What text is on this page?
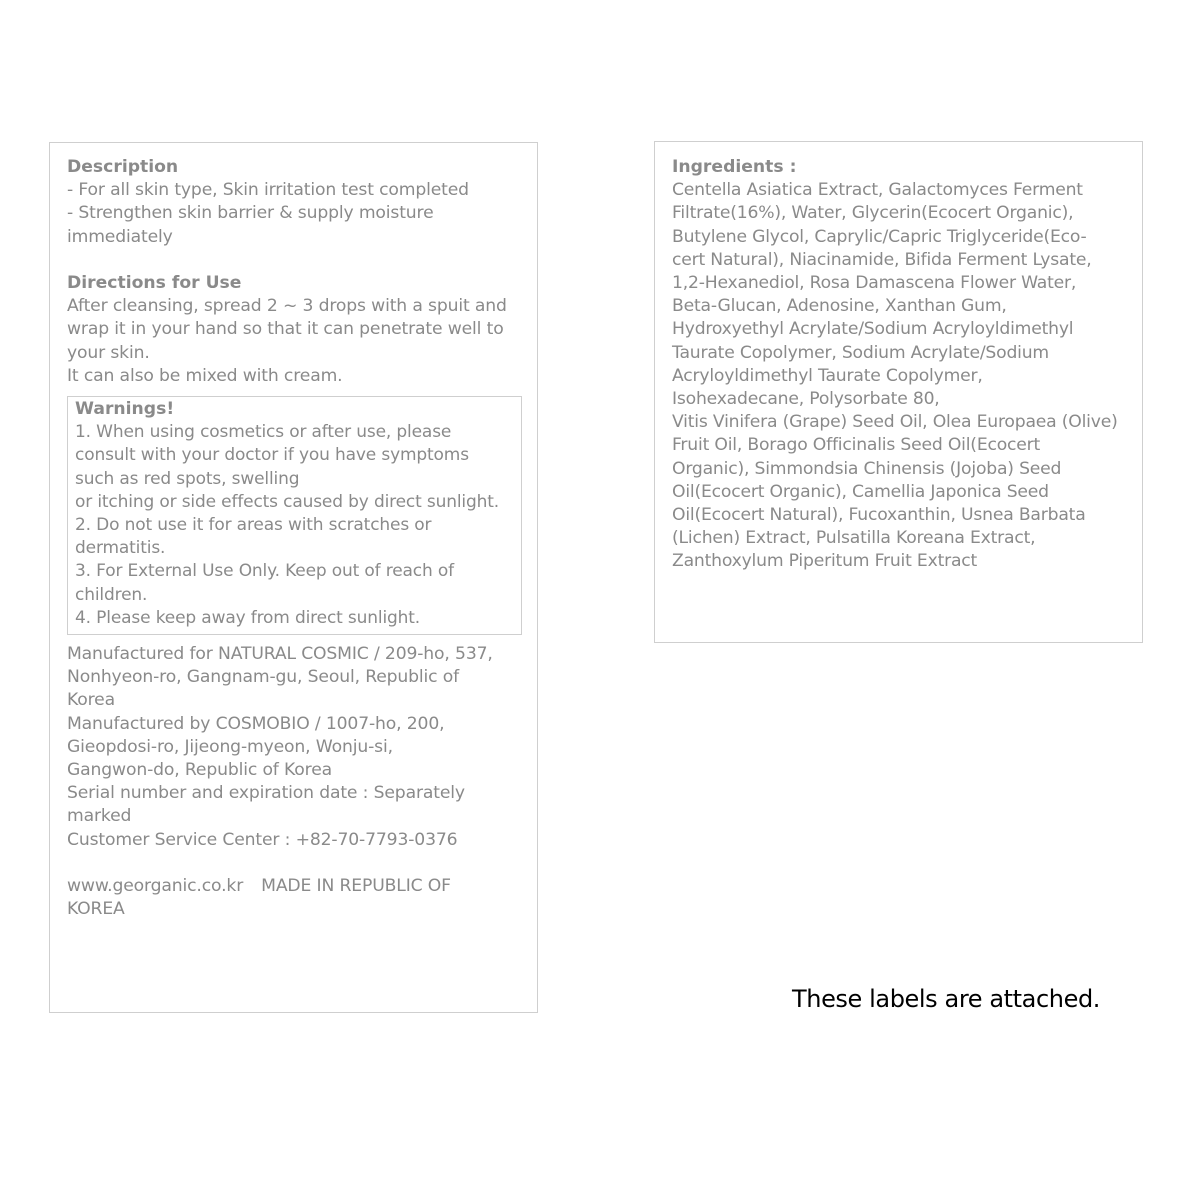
Description
- For all skin type, Skin irritation test completed
- Strengthen skin barrier & supply moisture
immediately
Directions for Use
After cleansing, spread 2 ~ 3 drops with a spuit and
wrap it in your hand so that it can penetrate well to
your skin.
It can also be mixed with cream.
Warnings!
1. When using cosmetics or after use, please
consult with your doctor if you have symptoms
such as red spots, swelling
or itching or side effects caused by direct sunlight.
2. Do not use it for areas with scratches or
dermatitis.
3. For External Use Only. Keep out of reach of
children.
4. Please keep away from direct sunlight.
Manufactured for NATURAL COSMIC / 209-ho, 537,
Nonhyeon-ro, Gangnam-gu, Seoul, Republic of
Korea
Manufactured by COSMOBIO / 1007-ho, 200,
Gieopdosi-ro, Jijeong-myeon, Wonju-si,
Gangwon-do, Republic of Korea
Serial number and expiration date : Separately
marked
Customer Service Center : +82-70-7793-0376
www.georganic.co.kr MADE IN REPUBLIC OF
KOREA
Ingredients :
Centella Asiatica Extract, Galactomyces Ferment
Filtrate(16%), Water, Glycerin(Ecocert Organic),
Butylene Glycol, Caprylic/Capric Triglyceride(Eco-
cert Natural), Niacinamide, Bifida Ferment Lysate,
1,2-Hexanediol, Rosa Damascena Flower Water,
Beta-Glucan, Adenosine, Xanthan Gum,
Hydroxyethyl Acrylate/Sodium Acryloyldimethyl
Taurate Copolymer, Sodium Acrylate/Sodium
Acryloyldimethyl Taurate Copolymer,
Isohexadecane, Polysorbate 80,
Vitis Vinifera (Grape) Seed Oil, Olea Europaea (Olive)
Fruit Oil, Borago Officinalis Seed Oil(Ecocert
Organic), Simmondsia Chinensis (Jojoba) Seed
Oil(Ecocert Organic), Camellia Japonica Seed
Oil(Ecocert Natural), Fucoxanthin, Usnea Barbata
(Lichen) Extract, Pulsatilla Koreana Extract,
Zanthoxylum Piperitum Fruit Extract
These labels are attached.
